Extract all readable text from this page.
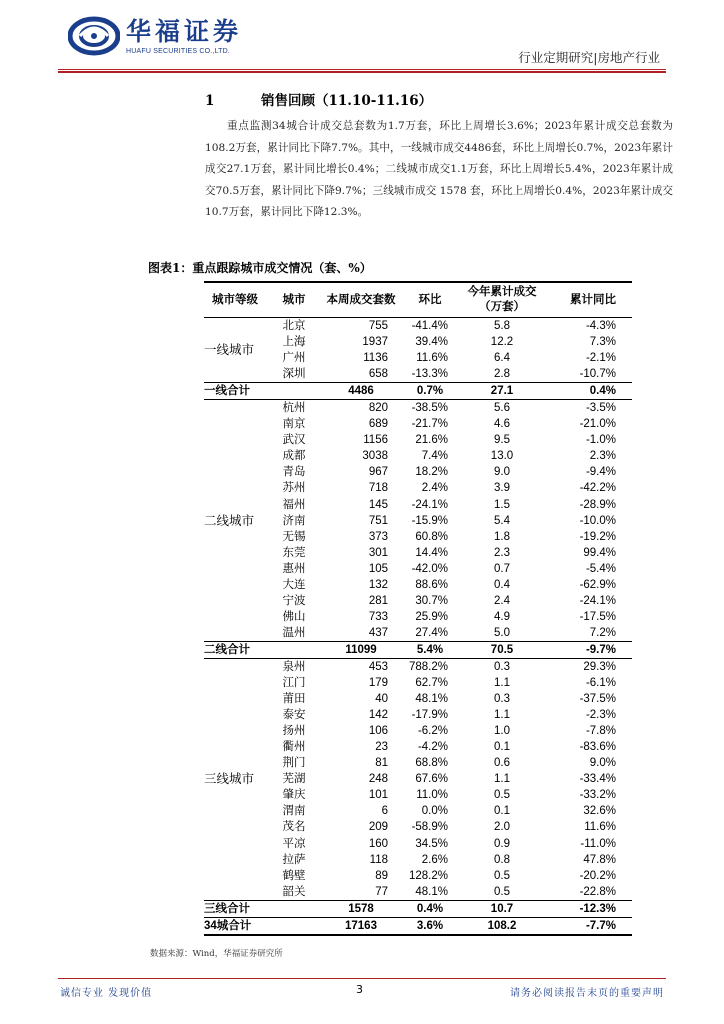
华福证券
HUAFU SECURITIES CO.,LTD.	行业定期研究|房地产行业
1	销售回顾（11.10-11.16）
重点监测34城合计成交总套数为1.7万套，环比上周增长3.6%；2023年累计成交总套数为108.2万套，累计同比下降7.7%。其中，一线城市成交4486套，环比上周增长0.7%，2023年累计成交27.1万套，累计同比增长0.4%；二线城市成交1.1万套，环比上周增长5.4%，2023年累计成交70.5万套，累计同比下降9.7%；三线城市成交 1578 套，环比上周增长0.4%，2023年累计成交10.7万套，累计同比下降12.3%。
图表1：重点跟踪城市成交情况（套、%）
城市等级	城市	本周成交套数	环比	今年累计成交（万套）	累计同比
一线城市	北京	755	-41.4%	5.8	-4.3%
	上海	1937	39.4%	12.2	7.3%
	广州	1136	11.6%	6.4	-2.1%
	深圳	658	-13.3%	2.8	-10.7%
一线合计		4486	0.7%	27.1	0.4%
二线城市	杭州	820	-38.5%	5.6	-3.5%
	南京	689	-21.7%	4.6	-21.0%
	武汉	1156	21.6%	9.5	-1.0%
	成都	3038	7.4%	13.0	2.3%
	青岛	967	18.2%	9.0	-9.4%
	苏州	718	2.4%	3.9	-42.2%
	福州	145	-24.1%	1.5	-28.9%
	济南	751	-15.9%	5.4	-10.0%
	无锡	373	60.8%	1.8	-19.2%
	东莞	301	14.4%	2.3	99.4%
	惠州	105	-42.0%	0.7	-5.4%
	大连	132	88.6%	0.4	-62.9%
	宁波	281	30.7%	2.4	-24.1%
	佛山	733	25.9%	4.9	-17.5%
	温州	437	27.4%	5.0	7.2%
二线合计		11099	5.4%	70.5	-9.7%
三线城市	泉州	453	788.2%	0.3	29.3%
	江门	179	62.7%	1.1	-6.1%
	莆田	40	48.1%	0.3	-37.5%
	泰安	142	-17.9%	1.1	-2.3%
	扬州	106	-6.2%	1.0	-7.8%
	衢州	23	-4.2%	0.1	-83.6%
	荆门	81	68.8%	0.6	9.0%
	芜湖	248	67.6%	1.1	-33.4%
	肇庆	101	11.0%	0.5	-33.2%
	渭南	6	0.0%	0.1	32.6%
	茂名	209	-58.9%	2.0	11.6%
	平凉	160	34.5%	0.9	-11.0%
	拉萨	118	2.6%	0.8	47.8%
	鹤壁	89	128.2%	0.5	-20.2%
	韶关	77	48.1%	0.5	-22.8%
三线合计		1578	0.4%	10.7	-12.3%
34城合计		17163	3.6%	108.2	-7.7%
数据来源：Wind，华福证券研究所
诚信专业 发现价值	3	请务必阅读报告末页的重要声明
